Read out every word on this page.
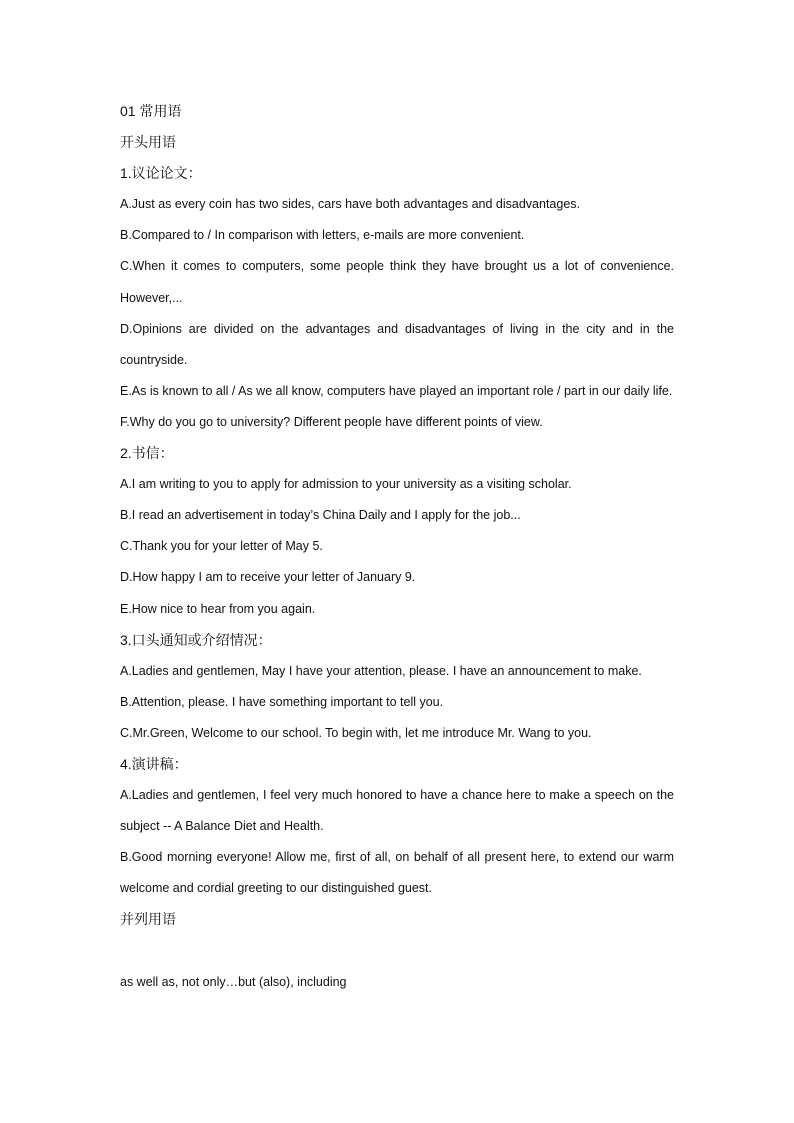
01 常用语
开头用语
1.议论论文：
A.Just as every coin has two sides, cars have both advantages and disadvantages.
B.Compared to / In comparison with letters, e-mails are more convenient.
C.When it comes to computers, some people think they have brought us a lot of convenience. However,...
D.Opinions are divided on the advantages and disadvantages of living in the city and in the countryside.
E.As is known to all / As we all know, computers have played an important role / part in our daily life.
F.Why do you go to university? Different people have different points of view.
2.书信：
A.I am writing to you to apply for admission to your university as a visiting scholar.
B.I read an advertisement in today’s China Daily and I apply for the job...
C.Thank you for your letter of May 5.
D.How happy I am to receive your letter of January 9.
E.How nice to hear from you again.
3.口头通知或介绍情况：
A.Ladies and gentlemen, May I have your attention, please. I have an announcement to make.
B.Attention, please. I have something important to tell you.
C.Mr.Green, Welcome to our school. To begin with, let me introduce Mr. Wang to you.
4.演讲稿：
A.Ladies and gentlemen, I feel very much honored to have a chance here to make a speech on the subject -- A Balance Diet and Health.
B.Good morning everyone! Allow me, first of all, on behalf of all present here, to extend our warm welcome and cordial greeting to our distinguished guest.
并列用语
as well as, not only…but (also), including
